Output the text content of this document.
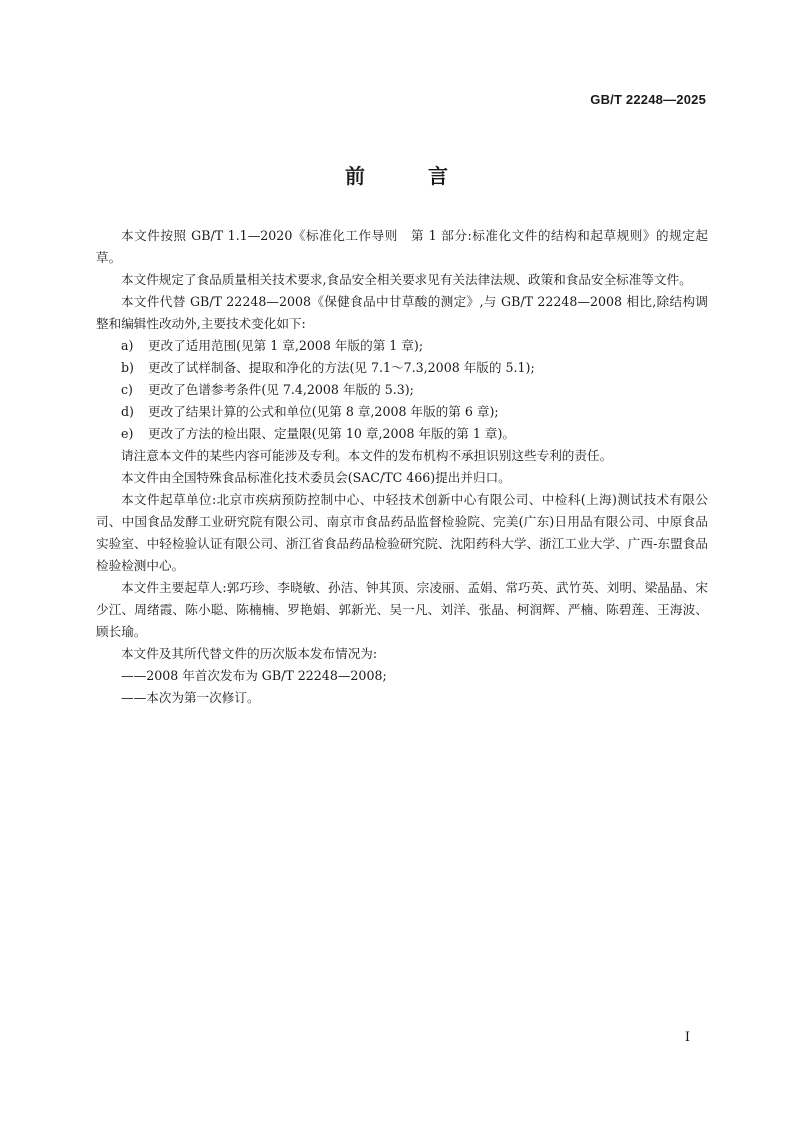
GB/T 22248—2025
前 言

本文件按照 GB/T 1.1—2020《标准化工作导则　第 1 部分:标准化文件的结构和起草规则》的规定起草。

本文件规定了食品质量相关技术要求,食品安全相关要求见有关法律法规、政策和食品安全标准等文件。

本文件代替 GB/T 22248—2008《保健食品中甘草酸的测定》,与 GB/T 22248—2008 相比,除结构调整和编辑性改动外,主要技术变化如下:

a) 更改了适用范围(见第 1 章,2008 年版的第 1 章);
b) 更改了试样制备、提取和净化的方法(见 7.1～7.3,2008 年版的 5.1);
c) 更改了色谱参考条件(见 7.4,2008 年版的 5.3);
d) 更改了结果计算的公式和单位(见第 8 章,2008 年版的第 6 章);
e) 更改了方法的检出限、定量限(见第 10 章,2008 年版的第 1 章)。

请注意本文件的某些内容可能涉及专利。本文件的发布机构不承担识别这些专利的责任。

本文件由全国特殊食品标准化技术委员会(SAC/TC 466)提出并归口。

本文件起草单位:北京市疾病预防控制中心、中轻技术创新中心有限公司、中检科(上海)测试技术有限公司、中国食品发酵工业研究院有限公司、南京市食品药品监督检验院、完美(广东)日用品有限公司、中原食品实验室、中轻检验认证有限公司、浙江省食品药品检验研究院、沈阳药科大学、浙江工业大学、广西-东盟食品检验检测中心。

本文件主要起草人:郭巧珍、李晓敏、孙洁、钟其顶、宗凌丽、孟娟、常巧英、武竹英、刘明、梁晶晶、宋少江、周绪霞、陈小聪、陈楠楠、罗艳娟、郭新光、吴一凡、刘洋、张晶、柯润辉、严楠、陈碧莲、王海波、顾长瑜。

本文件及其所代替文件的历次版本发布情况为:

——2008 年首次发布为 GB/T 22248—2008;

——本次为第一次修订。

I
